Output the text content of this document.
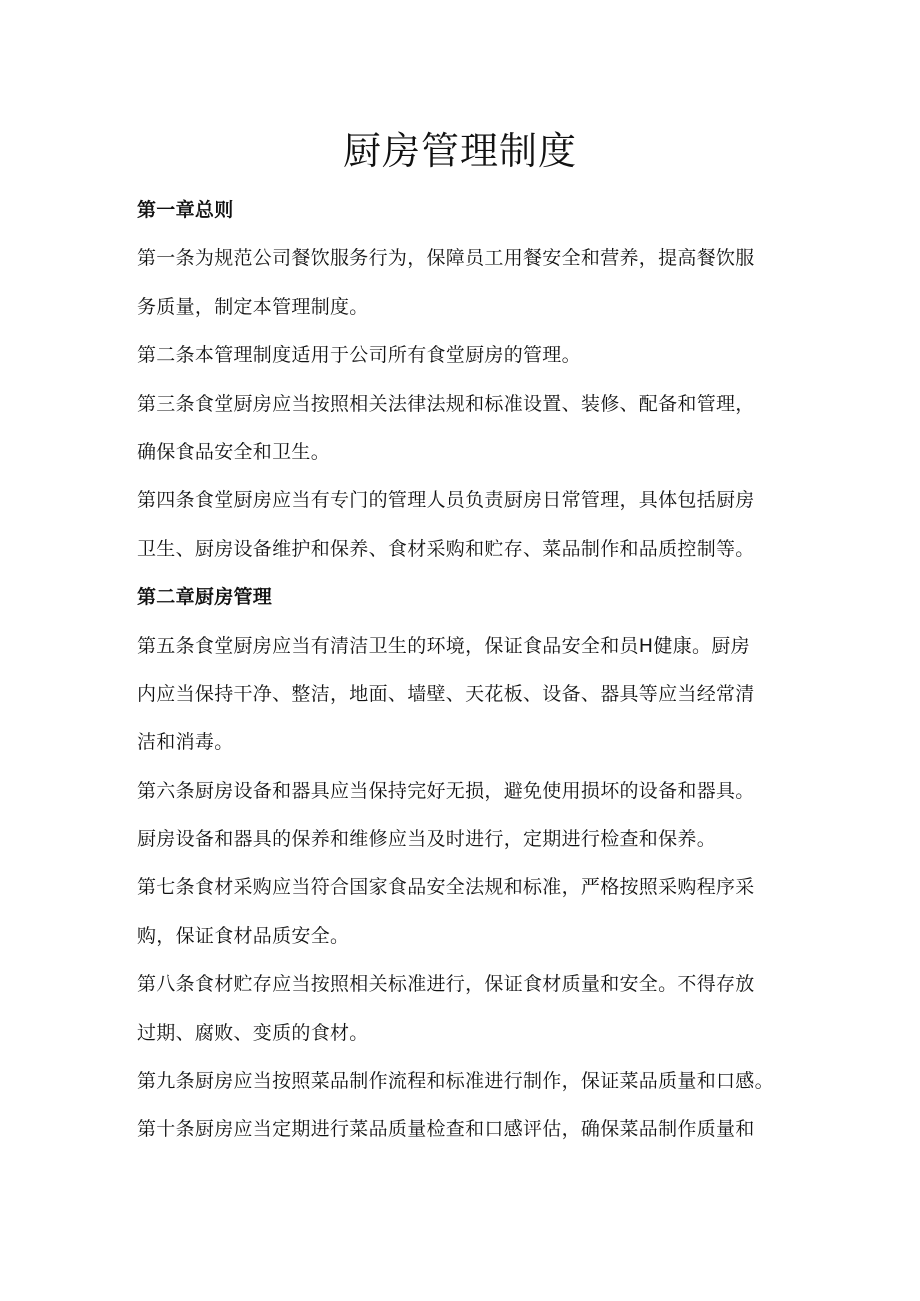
厨房管理制度
第一章总则
第一条为规范公司餐饮服务行为，保障员工用餐安全和营养，提高餐饮服
务质量，制定本管理制度。
第二条本管理制度适用于公司所有食堂厨房的管理。
第三条食堂厨房应当按照相关法律法规和标准设置、装修、配备和管理，
确保食品安全和卫生。
第四条食堂厨房应当有专门的管理人员负责厨房日常管理，具体包括厨房
卫生、厨房设备维护和保养、食材采购和贮存、菜品制作和品质控制等。
第二章厨房管理
第五条食堂厨房应当有清洁卫生的环境，保证食品安全和员H健康。厨房
内应当保持干净、整洁，地面、墙壁、天花板、设备、器具等应当经常清
洁和消毒。
第六条厨房设备和器具应当保持完好无损，避免使用损坏的设备和器具。
厨房设备和器具的保养和维修应当及时进行，定期进行检查和保养。
第七条食材采购应当符合国家食品安全法规和标准，严格按照采购程序采
购，保证食材品质安全。
第八条食材贮存应当按照相关标准进行，保证食材质量和安全。不得存放
过期、腐败、变质的食材。
第九条厨房应当按照菜品制作流程和标准进行制作，保证菜品质量和口感。
第十条厨房应当定期进行菜品质量检查和口感评估，确保菜品制作质量和
